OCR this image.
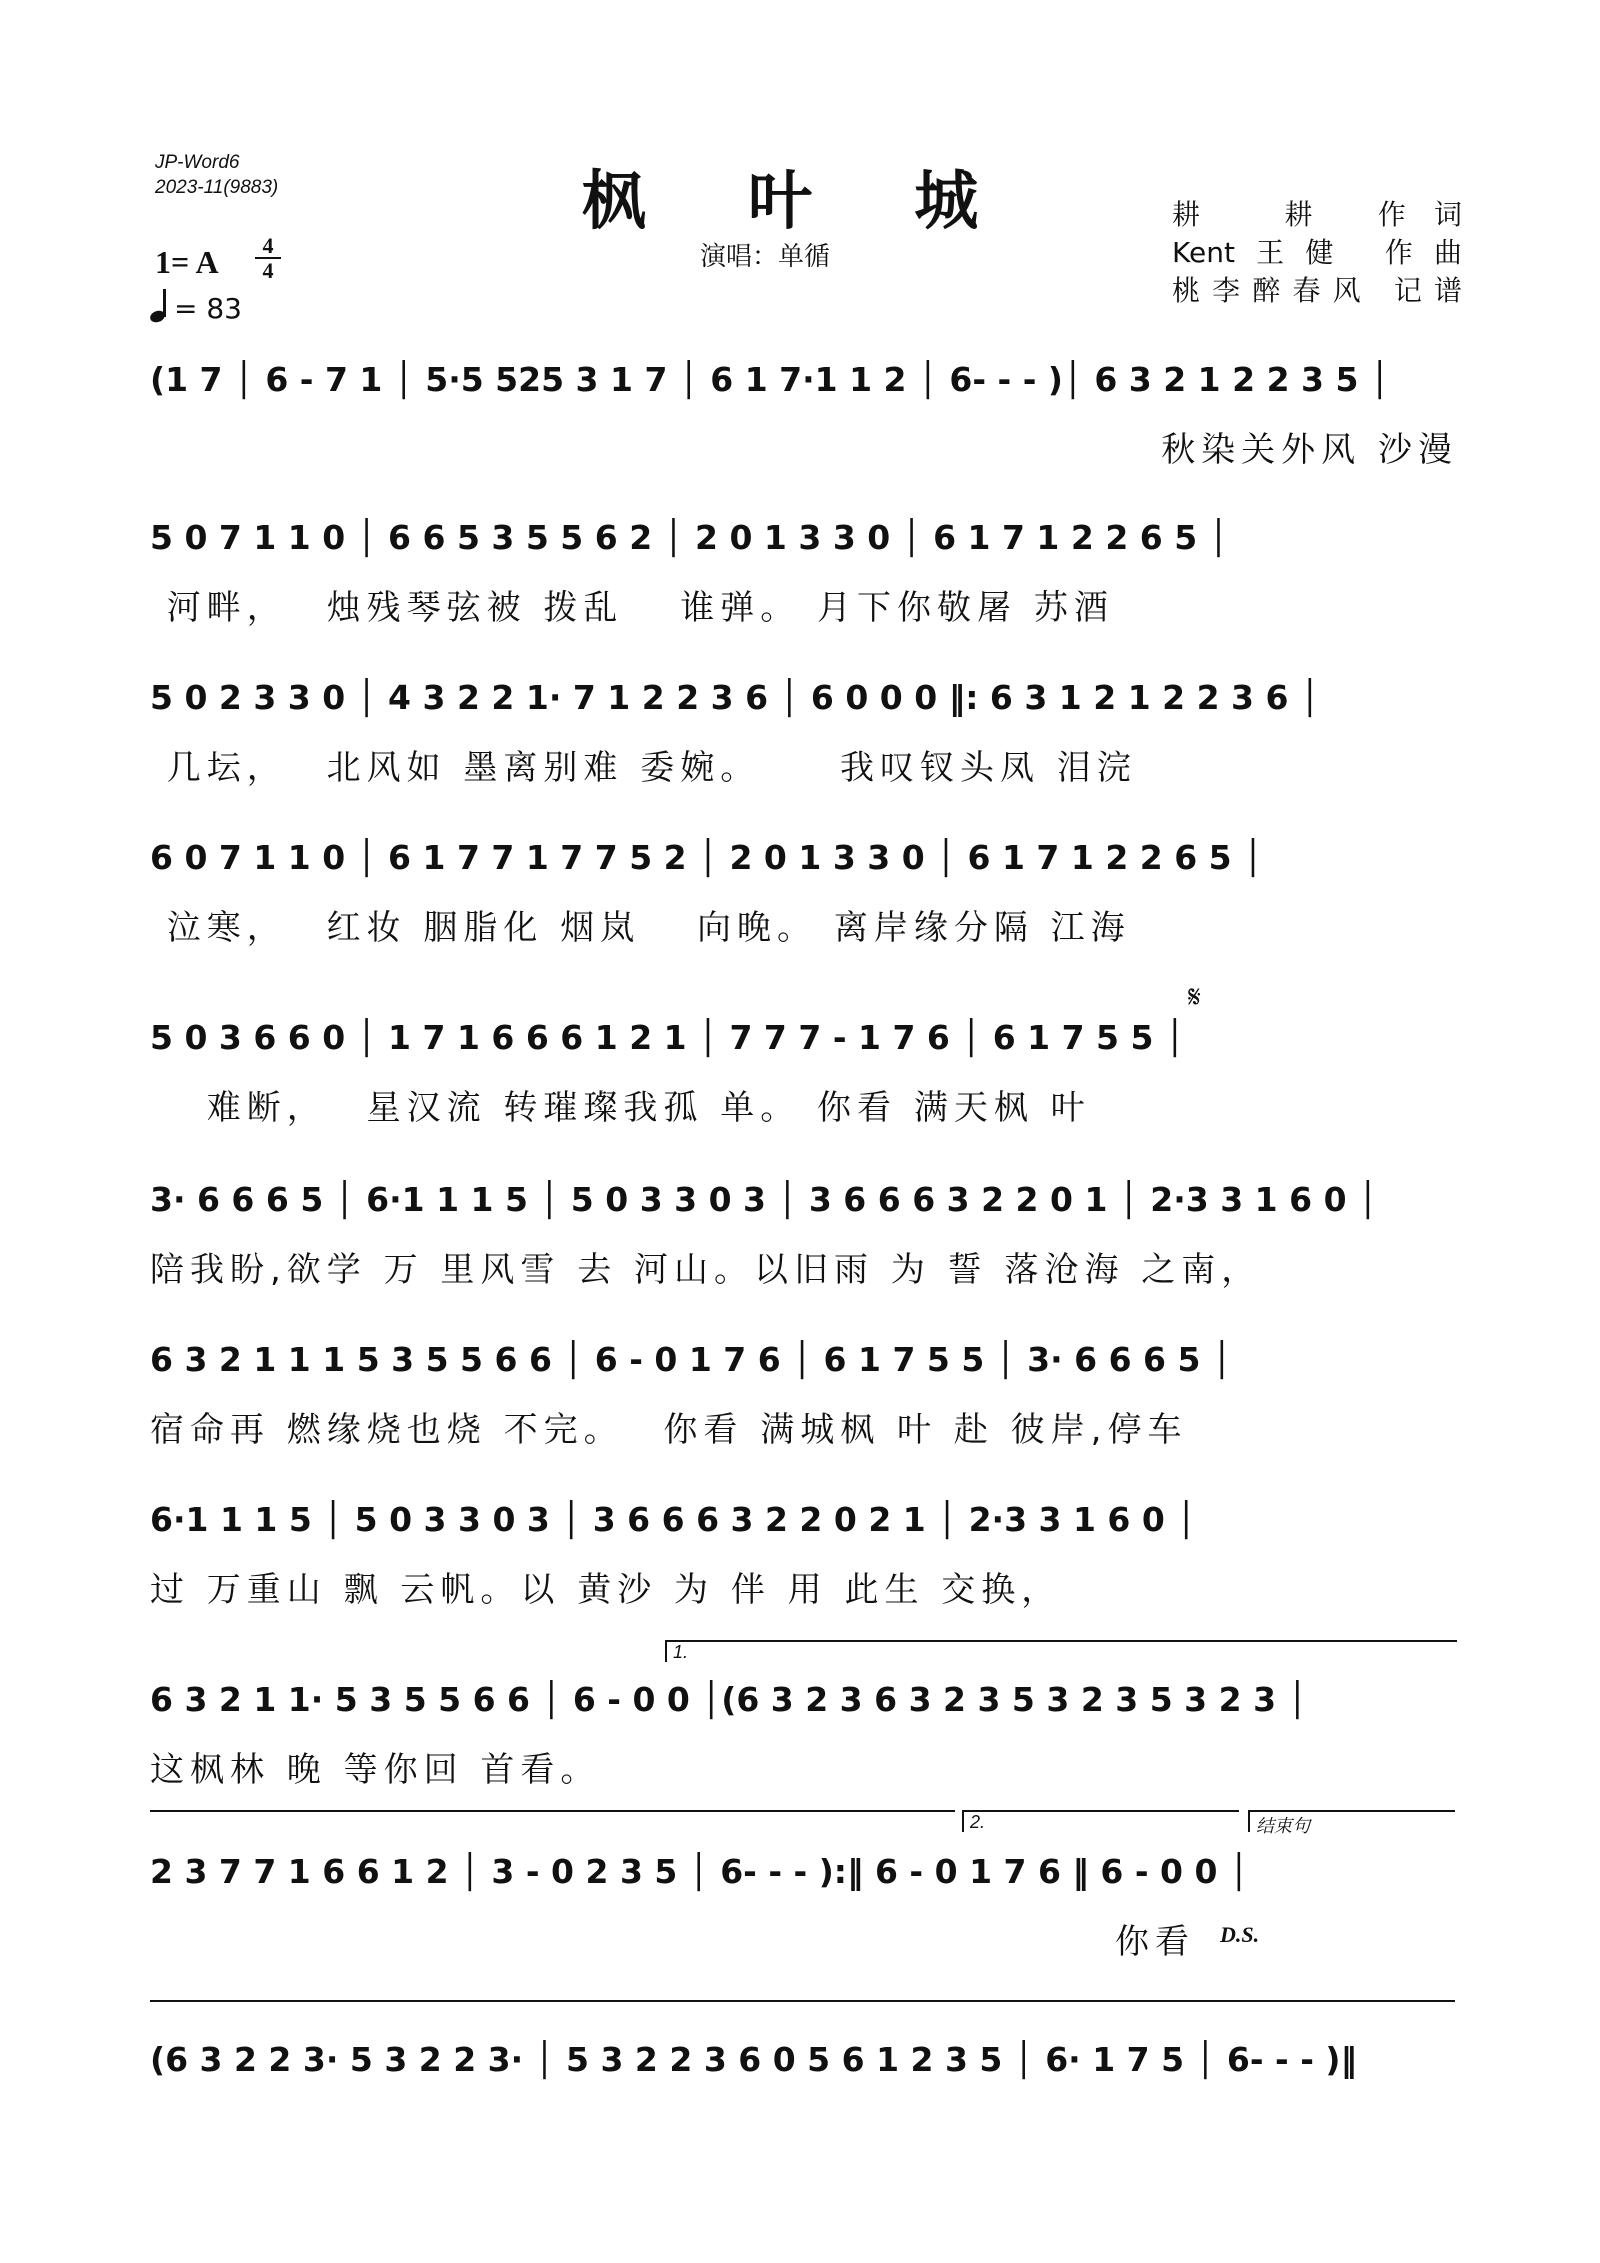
JP-Word6
2023-11(9883)	枫 叶 城
演唱：单循
耕　耕 作词
Kent王健 作曲
桃李醉春风 记谱
1= A	4
4
= 83
(1 7 │ 6 - 7 1 │ 5·5 525 3 1 7 │ 6 1 7·1 1 2 │ 6- - - )│ 6 3 2 1 2 2 3 5 │
秋染关外风 沙漫
5 0 7 1 1 0 │ 6 6 5 3 5 5 6 2 │ 2 0 1 3 3 0 │ 6 1 7 1 2 2 6 5 │
河畔，　 烛残琴弦被 拨乱　 谁弹。 月下你敬屠 苏酒
5 0 2 3 3 0 │ 4 3 2 2 1· 7 1 2 2 3 6 │ 6 0 0 0 ‖: 6 3 1 2 1 2 2 3 6 │
几坛，　 北风如 墨离别难 委婉。　　 我叹钗头凤 泪浣
6 0 7 1 1 0 │ 6 1 7 7 1 7 7 5 2 │ 2 0 1 3 3 0 │ 6 1 7 1 2 2 6 5 │
泣寒，　 红妆 胭脂化 烟岚　 向晚。 离岸缘分隔 江海
𝄋
5 0 3 6 6 0 │ 1 7 1 6 6 6 1 2 1 │ 7 7 7 - 1 7 6 │ 6 1 7 5 5 │
　 难断，　 星汉流 转璀璨我孤 单。 你看 满天枫 叶
3· 6 6 6 5 │ 6·1 1 1 5 │ 5 0 3 3 0 3 │ 3 6 6 6 3 2 2 0 1 │ 2·3 3 1 6 0 │
陪我盼,欲学 万 里风雪 去 河山。以旧雨 为 誓 落沧海 之南，
6 3 2 1 1 1 5 3 5 5 6 6 │ 6 - 0 1 7 6 │ 6 1 7 5 5 │ 3· 6 6 6 5 │
宿命再 燃缘烧也烧 不完。　 你看 满城枫 叶 赴 彼岸,停车
6·1 1 1 5 │ 5 0 3 3 0 3 │ 3 6 6 6 3 2 2 0 2 1 │ 2·3 3 1 6 0 │
过 万重山 飘 云帆。以 黄沙 为 伴 用 此生 交换，
1.
6 3 2 1 1· 5 3 5 5 6 6 │ 6 - 0 0 │(6 3 2 3 6 3 2 3 5 3 2 3 5 3 2 3 │
这枫林 晚 等你回 首看。
2.	结束句
2 3 7 7 1 6 6 1 2 │ 3 - 0 2 3 5 │ 6- - - ):‖ 6 - 0 1 7 6 ‖ 6 - 0 0 │
你看	D.S.
(6 3 2 2 3· 5 3 2 2 3· │ 5 3 2 2 3 6 0 5 6 1 2 3 5 │ 6· 1 7 5 │ 6- - - )‖
